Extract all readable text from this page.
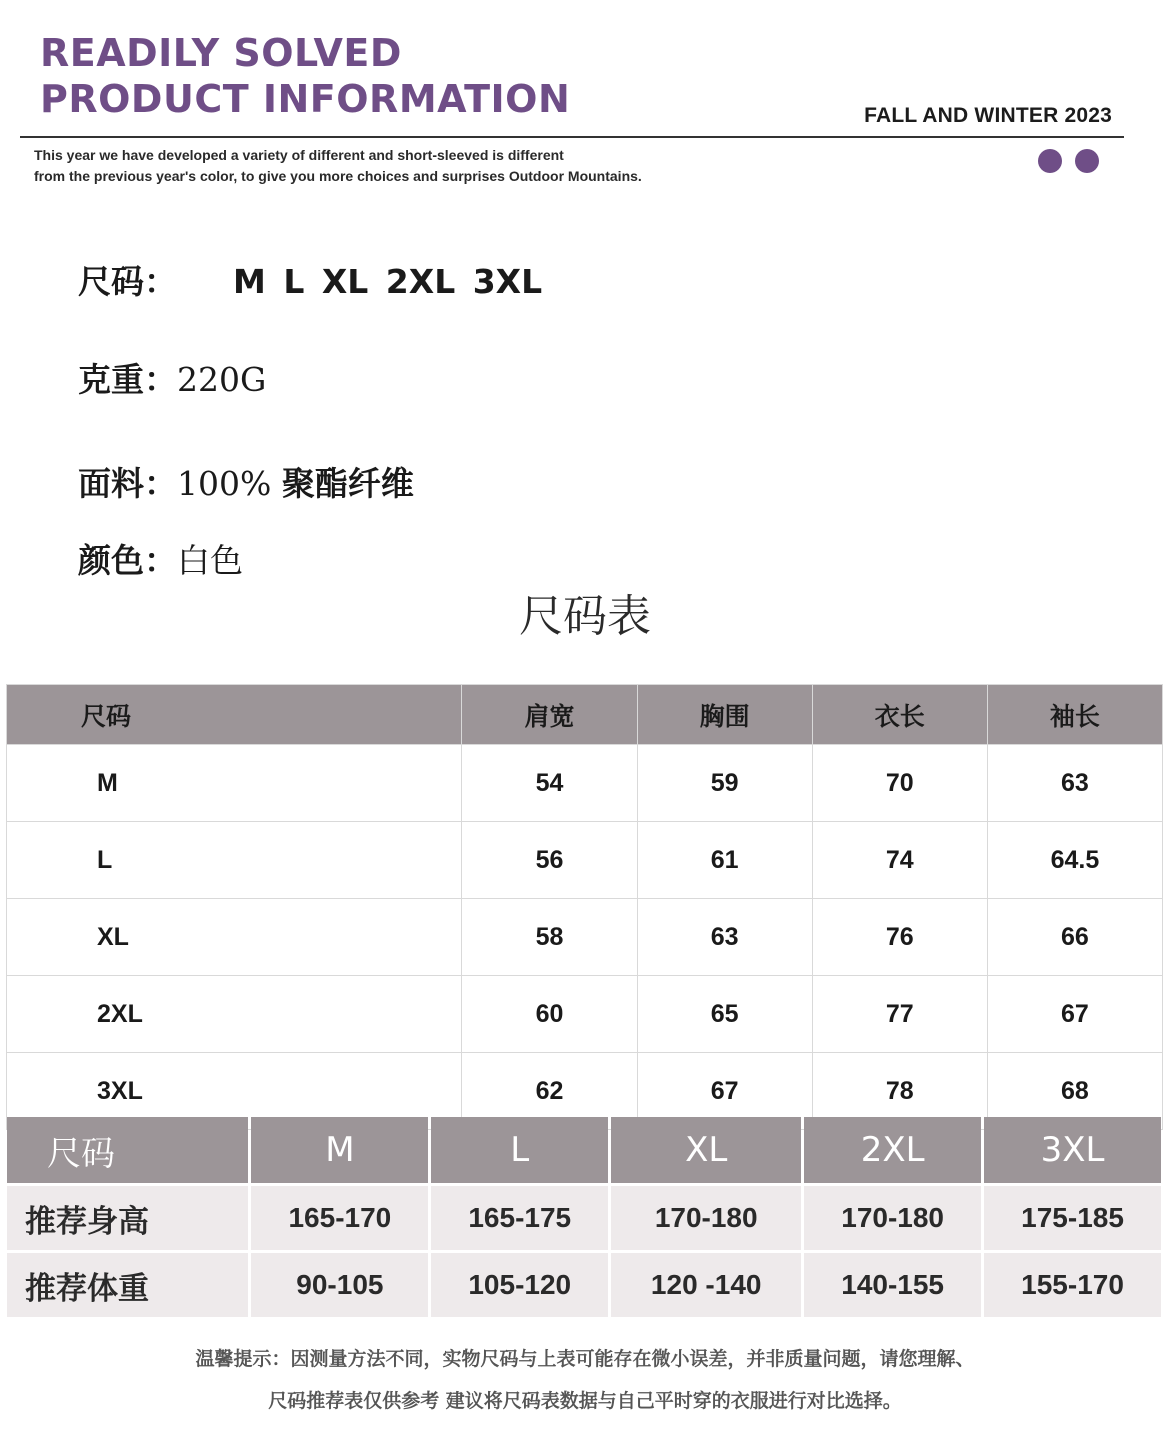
READILY SOLVED
PRODUCT INFORMATION	FALL AND WINTER 2023
This year we have developed a variety of different and short-sleeved is different
from the previous year's color, to give you more choices and surprises Outdoor Mountains.
尺码： M L XL 2XL 3XL
克重：220G
面料：100% 聚酯纤维
颜色：白色
尺码表
尺码	肩宽	胸围	衣长	袖长
M	54	59	70	63
L	56	61	74	64.5
XL	58	63	76	66
2XL	60	65	77	67
3XL	62	67	78	68
尺码	M	L	XL	2XL	3XL
推荐身高	165-170	165-175	170-180	170-180	175-185
推荐体重	90-105	105-120	120 -140	140-155	155-170
温馨提示：因测量方法不同，实物尺码与上表可能存在微小误差，并非质量问题，请您理解、
尺码推荐表仅供参考 建议将尺码表数据与自己平时穿的衣服进行对比选择。
